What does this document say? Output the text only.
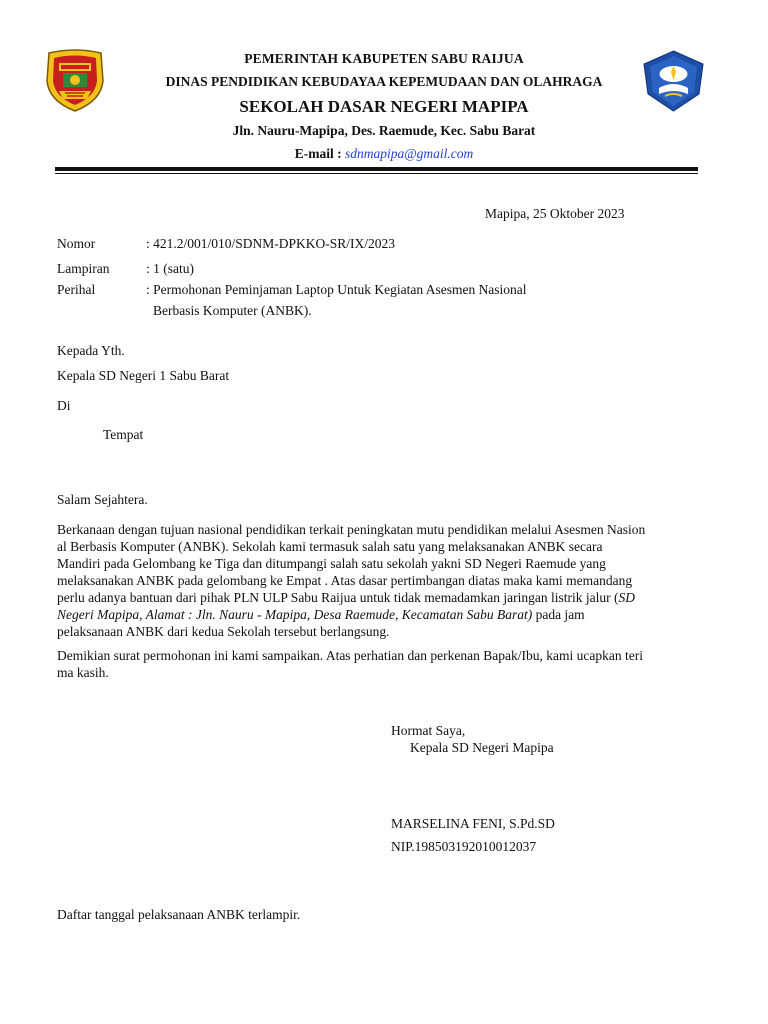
PEMERINTAH KABUPETEN SABU RAIJUA
DINAS PENDIDIKAN KEBUDAYAA KEPEMUDAAN DAN OLAHRAGA
SEKOLAH DASAR NEGERI MAPIPA
Jln. Nauru-Mapipa, Des. Raemude, Kec. Sabu Barat
E-mail : sdnmapipa@gmail.com
Mapipa, 25 Oktober 2023
Nomor	: 421.2/001/010/SDNM-DPKKO-SR/IX/2023
Lampiran	: 1 (satu)
Perihal	: Permohonan Peminjaman Laptop Untuk Kegiatan Asesmen Nasional
Berbasis Komputer (ANBK).
Kepada Yth.
Kepala SD Negeri 1 Sabu Barat
Di
Tempat
Salam Sejahtera.
Berkanaan dengan tujuan nasional pendidikan terkait peningkatan mutu pendidikan melalui Asesmen Nasion
al Berbasis Komputer (ANBK). Sekolah kami termasuk salah satu yang melaksanakan ANBK secara
Mandiri pada Gelombang ke Tiga dan ditumpangi salah satu sekolah yakni SD Negeri Raemude yang
melaksanakan ANBK pada gelombang ke Empat . Atas dasar pertimbangan diatas maka kami memandang
perlu adanya bantuan dari pihak PLN ULP Sabu Raijua untuk tidak memadamkan jaringan listrik jalur (SD
Negeri Mapipa, Alamat : Jln. Nauru - Mapipa, Desa Raemude, Kecamatan Sabu Barat) pada jam
pelaksanaan ANBK dari kedua Sekolah tersebut berlangsung.
Demikian surat permohonan ini kami sampaikan. Atas perhatian dan perkenan Bapak/Ibu, kami ucapkan teri
ma kasih.
Hormat Saya,
Kepala SD Negeri Mapipa
MARSELINA FENI, S.Pd.SD
NIP.198503192010012037
Daftar tanggal pelaksanaan ANBK terlampir.
